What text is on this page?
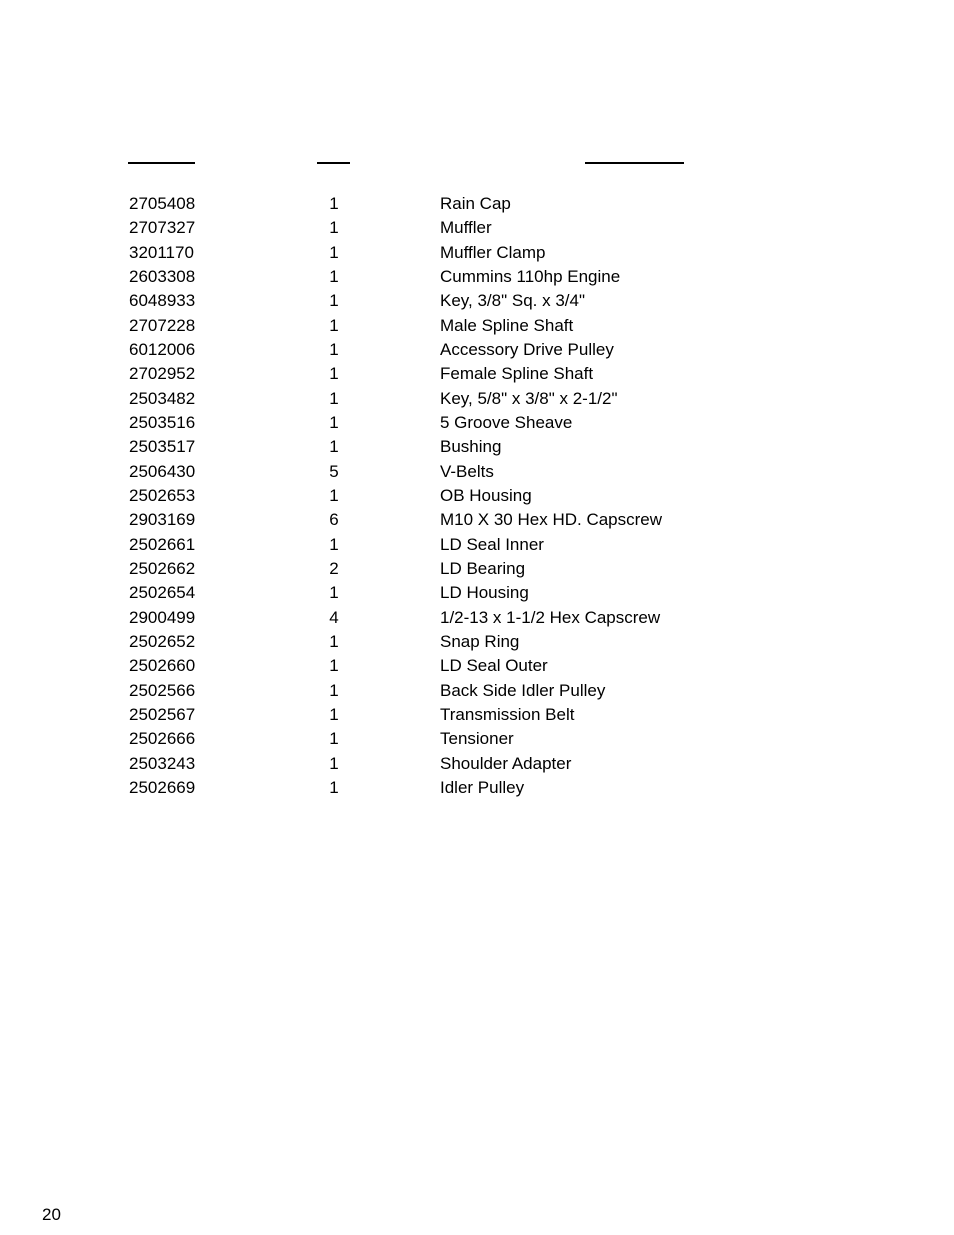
2705408	1	Rain Cap
2707327	1	Muffler
3201170	1	Muffler Clamp
2603308	1	Cummins 110hp Engine
6048933	1	Key, 3/8" Sq. x 3/4"
2707228	1	Male Spline Shaft
6012006	1	Accessory Drive Pulley
2702952	1	Female Spline Shaft
2503482	1	Key, 5/8" x 3/8" x 2-1/2"
2503516	1	5 Groove Sheave
2503517	1	Bushing
2506430	5	V-Belts
2502653	1	OB Housing
2903169	6	M10 X 30 Hex HD. Capscrew
2502661	1	LD Seal Inner
2502662	2	LD Bearing
2502654	1	LD Housing
2900499	4	1/2-13 x 1-1/2 Hex Capscrew
2502652	1	Snap Ring
2502660	1	LD Seal Outer
2502566	1	Back Side Idler Pulley
2502567	1	Transmission Belt
2502666	1	Tensioner
2503243	1	Shoulder Adapter
2502669	1	Idler Pulley
20
